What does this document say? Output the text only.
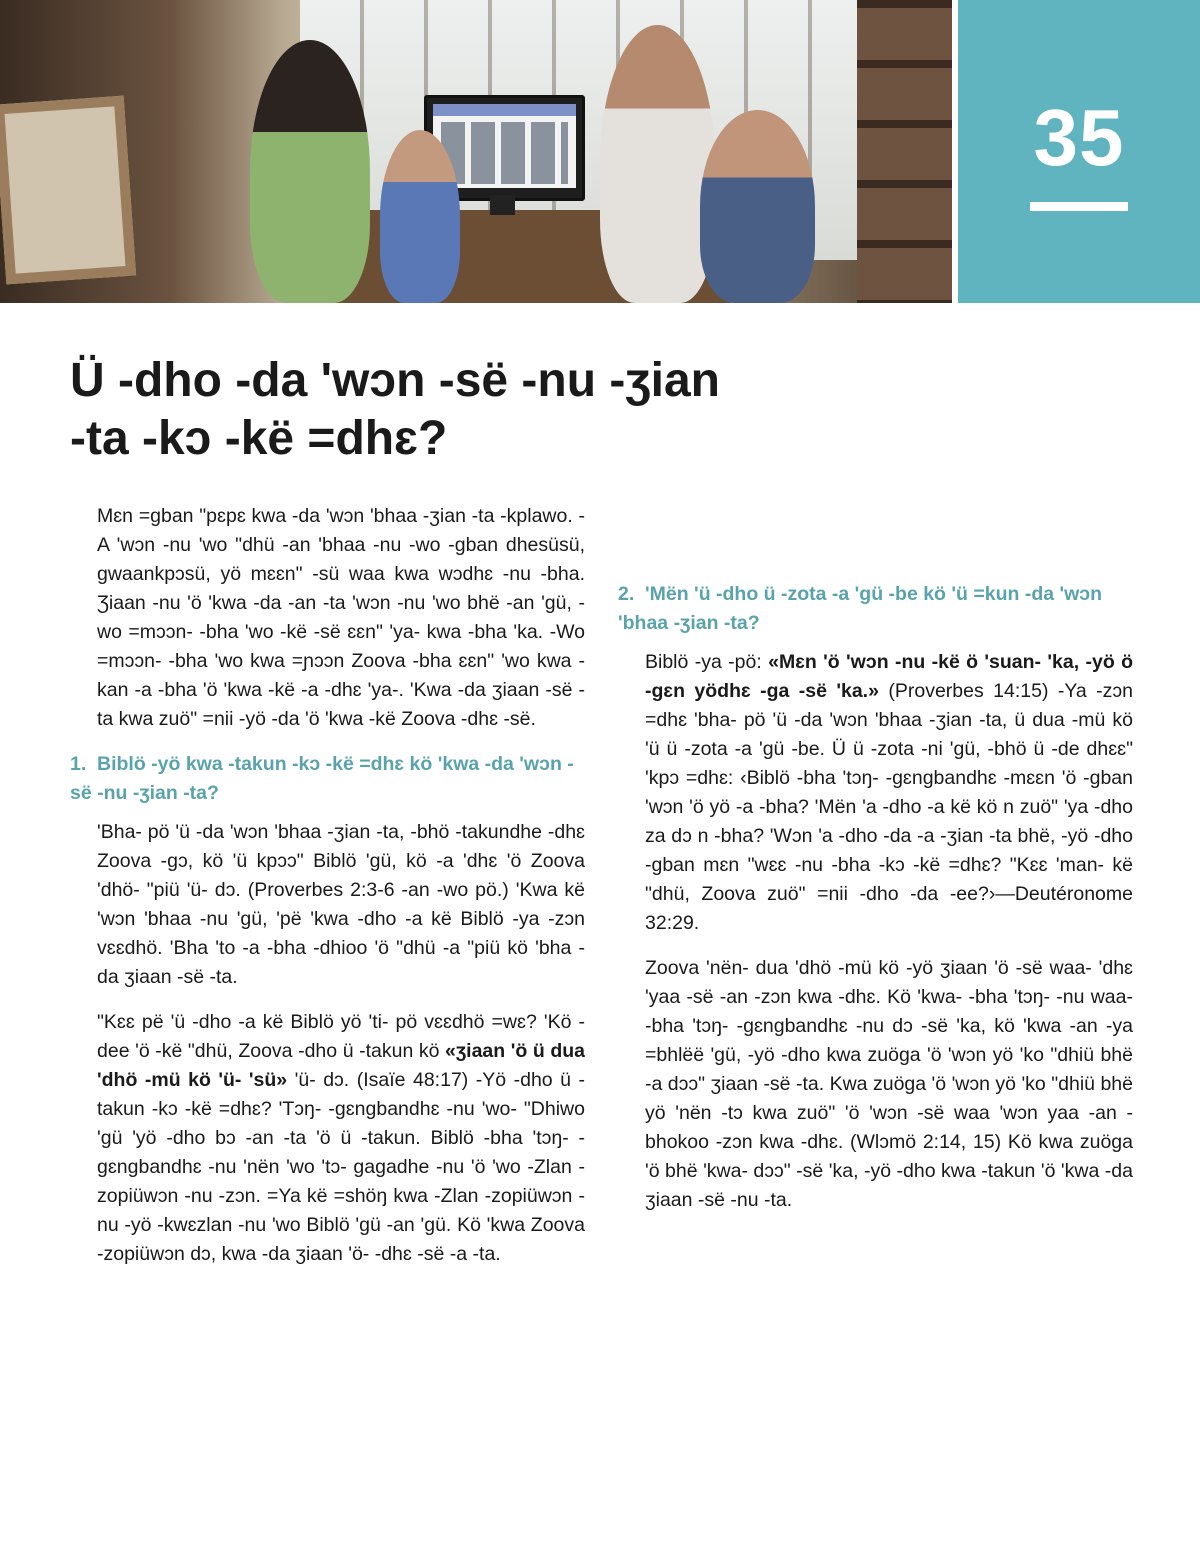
35
Ü -dho -da 'wɔn -së -nu -ʒian
-ta -kɔ -kë =dhɛ?

Mɛn =gban "pɛpɛ kwa -da 'wɔn 'bhaa -ʒian -ta -kplawo. -A 'wɔn -nu 'wo "dhü -an 'bhaa -nu -wo -gban dhesüsü, gwaankpɔsü, yö mɛɛn" -sü waa kwa wɔdhɛ -nu -bha. Ʒiaan -nu 'ö 'kwa -da -an -ta 'wɔn -nu 'wo bhë -an 'gü, -wo =mɔɔn- -bha 'wo -kë -së ɛɛn" 'ya- kwa -bha 'ka. -Wo =mɔɔn- -bha 'wo kwa =ɲɔɔn Zoova -bha ɛɛn" 'wo kwa -kan -a -bha 'ö 'kwa -kë -a -dhɛ 'ya-. 'Kwa -da ʒiaan -së -ta kwa zuö" =nii -yö -da 'ö 'kwa -kë Zoova -dhɛ -së.

1. Biblö -yö kwa -takun -kɔ -kë =dhɛ kö 'kwa -da 'wɔn -së -nu -ʒian -ta?

'Bha- pö 'ü -da 'wɔn 'bhaa -ʒian -ta, -bhö -takundhe -dhɛ Zoova -gɔ, kö 'ü kpɔɔ" Biblö 'gü, kö -a 'dhɛ 'ö Zoova 'dhö- "piü 'ü- dɔ. (Proverbes 2:3-6 -an -wo pö.) 'Kwa kë 'wɔn 'bhaa -nu 'gü, 'pë 'kwa -dho -a kë Biblö -ya -zɔn vɛɛdhö. 'Bha 'to -a -bha -dhioo 'ö "dhü -a "piü kö 'bha -da ʒiaan -së -ta.

"Kɛɛ pë 'ü -dho -a kë Biblö yö 'ti- pö vɛɛdhö =wɛ? 'Kö -dee 'ö -kë "dhü, Zoova -dho ü -takun kö «ʒiaan 'ö ü dua 'dhö -mü kö 'ü- 'sü» 'ü- dɔ. (Isaïe 48:17) -Yö -dho ü -takun -kɔ -kë =dhɛ? 'Tɔŋ- -gɛngbandhɛ -nu 'wo- "Dhiwo 'gü 'yö -dho bɔ -an -ta 'ö ü -takun. Biblö -bha 'tɔŋ- -gɛngbandhɛ -nu 'nën 'wo 'tɔ- gagadhe -nu 'ö 'wo -Zlan -zopiüwɔn -nu -zɔn. =Ya kë =shöŋ kwa -Zlan -zopiüwɔn -nu -yö -kwɛzlan -nu 'wo Biblö 'gü -an 'gü. Kö 'kwa Zoova -zopiüwɔn dɔ, kwa -da ʒiaan 'ö- -dhɛ -së -a -ta.

2. 'Mën 'ü -dho ü -zota -a 'gü -be kö 'ü =kun -da 'wɔn 'bhaa -ʒian -ta?

Biblö -ya -pö: «Mɛn 'ö 'wɔn -nu -kë ö 'suan- 'ka, -yö ö -gɛn yödhɛ -ga -së 'ka.» (Proverbes 14:15) -Ya -zɔn =dhɛ 'bha- pö 'ü -da 'wɔn 'bhaa -ʒian -ta, ü dua -mü kö 'ü ü -zota -a 'gü -be. Ü ü -zota -ni 'gü, -bhö ü -de dhɛɛ" 'kpɔ =dhɛ: ‹Biblö -bha 'tɔŋ- -gɛngbandhɛ -mɛɛn 'ö -gban 'wɔn 'ö yö -a -bha? 'Mën 'a -dho -a kë kö n zuö" 'ya -dho za dɔ n -bha? 'Wɔn 'a -dho -da -a -ʒian -ta bhë, -yö -dho -gban mɛn "wɛɛ -nu -bha -kɔ -kë =dhɛ? "Kɛɛ 'man- kë "dhü, Zoova zuö" =nii -dho -da -ee?›—Deutéronome 32:29.

Zoova 'nën- dua 'dhö -mü kö -yö ʒiaan 'ö -së waa- 'dhɛ 'yaa -së -an -zɔn kwa -dhɛ. Kö 'kwa- -bha 'tɔŋ- -nu waa- -bha 'tɔŋ- -gɛngbandhɛ -nu dɔ -së 'ka, kö 'kwa -an -ya =bhlëë 'gü, -yö -dho kwa zuöga 'ö 'wɔn yö 'ko "dhiü bhë -a dɔɔ" ʒiaan -së -ta. Kwa zuöga 'ö 'wɔn yö 'ko "dhiü bhë yö 'nën -tɔ kwa zuö" 'ö 'wɔn -së waa 'wɔn yaa -an -bhokoo -zɔn kwa -dhɛ. (Wlɔmö 2:14, 15) Kö kwa zuöga 'ö bhë 'kwa- dɔɔ" -së 'ka, -yö -dho kwa -takun 'ö 'kwa -da ʒiaan -së -nu -ta.
